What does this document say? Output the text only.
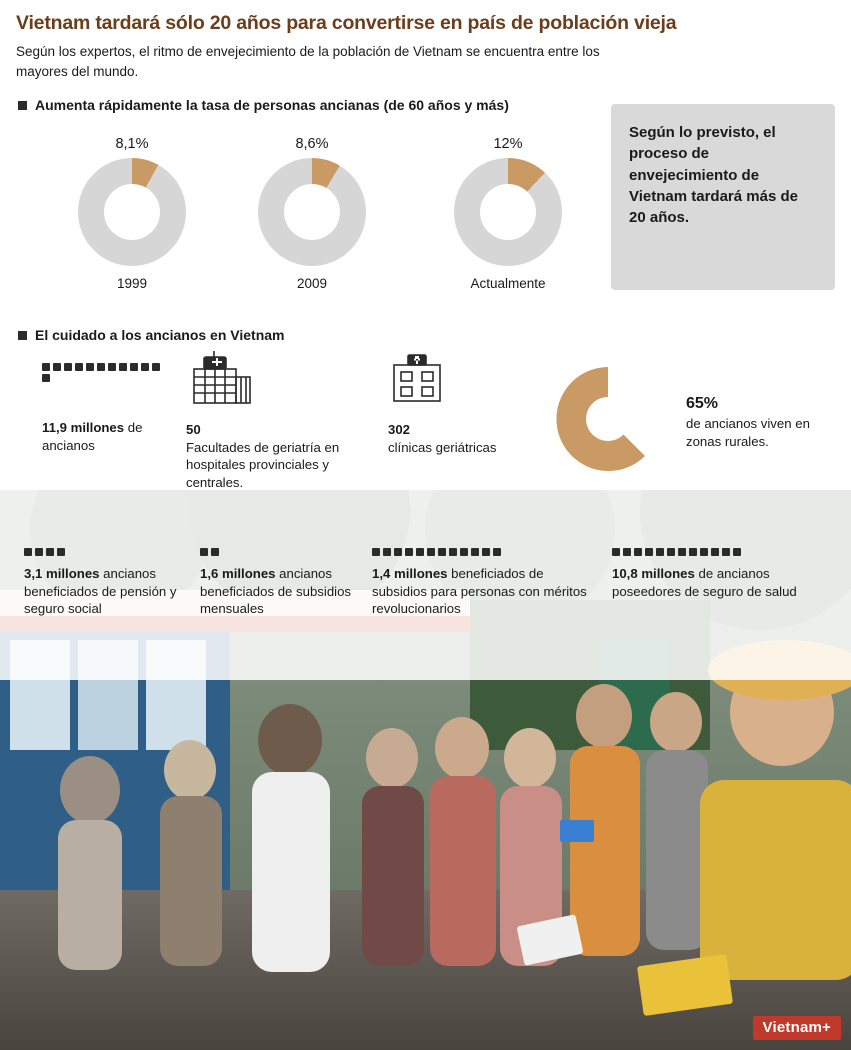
Vietnam tardará sólo 20 años para convertirse en país de población vieja
Según los expertos, el ritmo de envejecimiento de la población de Vietnam se encuentra entre los mayores del mundo.
Aumenta rápidamente la tasa de personas ancianas (de 60 años y más)
8,1%
1999
8,6%
2009
12%
Actualmente

Según lo previsto, el proceso de envejecimiento de Vietnam tardará más de 20 años.

El cuidado a los ancianos en Vietnam
11,9 millones de ancianos
50
Facultades de geriatría en hospitales provinciales y centrales.
302
clínicas geriátricas
65%
de ancianos viven en zonas rurales.
Vietnam+
3,1 millones ancianos beneficiados de pensión y seguro social
1,6 millones ancianos beneficiados de subsidios mensuales
1,4 millones beneficiados de subsidios para personas con méritos revolucionarios
10,8 millones de ancianos poseedores de seguro de salud
